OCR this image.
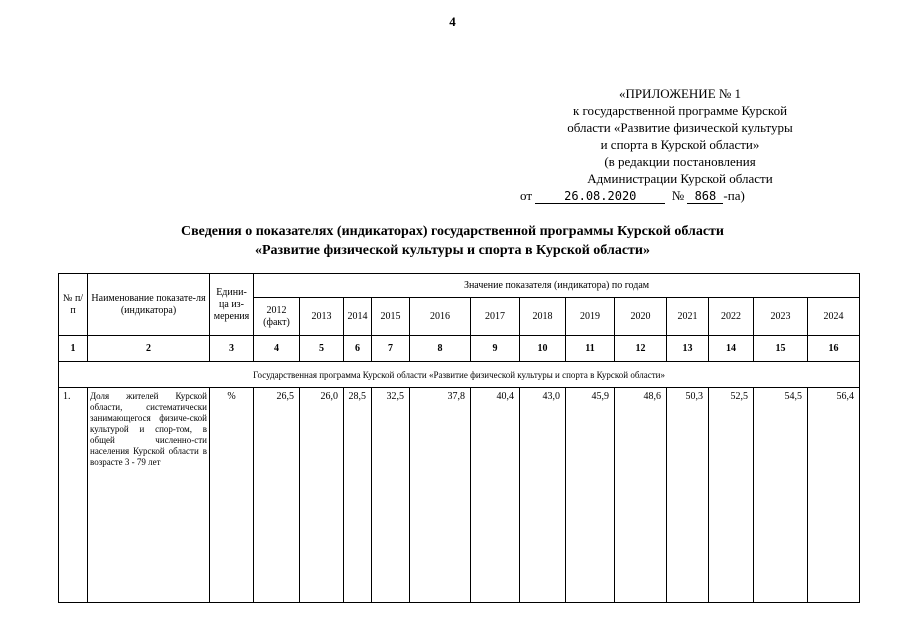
4
«ПРИЛОЖЕНИЕ № 1
к государственной программе Курской
области «Развитие физической культуры
и спорта в Курской области»
(в редакции постановления
Администрации Курской области
от	26.08.2020	№ 868 -па)
Сведения о показателях (индикаторах) государственной программы Курской области
«Развитие физической культуры и спорта в Курской области»
№ п/п	Наименование показате-ля (индикатора)	Едини-ца из-мерения	Значение показателя (индикатора) по годам												
			2012 (факт)	2013	2014	2015	2016	2017	2018	2019	2020	2021	2022	2023	2024
1	2	3	4	5	6	7	8	9	10	11	12	13	14	15	16
Государственная программа Курской области «Развитие физической культуры и спорта в Курской области»															
1.	Доля жителей Курской области, систематически занимающегося физиче-ской культурой и спор-том, в общей численно-сти населения Курской области в возрасте 3 - 79 лет	%	26,5	26,0	28,5	32,5	37,8	40,4	43,0	45,9	48,6	50,3	52,5	54,5	56,4
